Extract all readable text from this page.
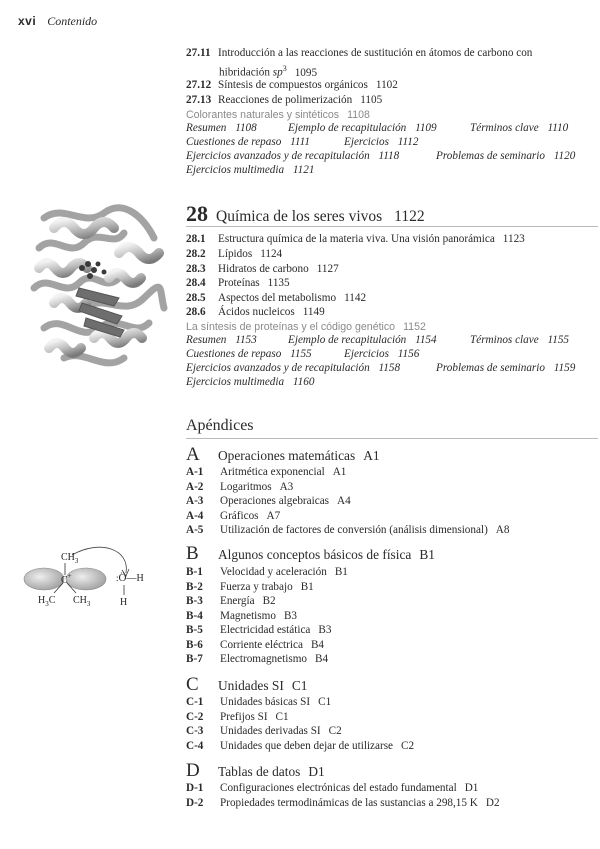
xvi Contenido
27.11 Introducción a las reacciones de sustitución en átomos de carbono con
hibridación $sp^3$ 1095
27.12 Síntesis de compuestos orgánicos 1102
27.13 Reacciones de polimerización 1105
Colorantes naturales y sintéticos 1108
Resumen 1108	Ejemplo de recapitulación 1109	Términos clave 1110
Cuestiones de repaso 1111	Ejercicios 1112
Ejercicios avanzados y de recapitulación 1118	Problemas de seminario 1120
Ejercicios multimedia 1121
28 Química de los seres vivos 1122
28.1 Estructura química de la materia viva. Una visión panorámica 1123
28.2 Lípidos 1124
28.3 Hidratos de carbono 1127
28.4 Proteínas 1135
28.5 Aspectos del metabolismo 1142
28.6 Ácidos nucleicos 1149
La síntesis de proteínas y el código genético 1152
Resumen 1153	Ejemplo de recapitulación 1154	Términos clave 1155
Cuestiones de repaso 1155	Ejercicios 1156
Ejercicios avanzados y de recapitulación 1158	Problemas de seminario 1159
Ejercicios multimedia 1160
Apéndices
A Operaciones matemáticas A1
A-1 Aritmética exponencial A1
A-2 Logaritmos A3
A-3 Operaciones algebraicas A4
A-4 Gráficos A7
A-5 Utilización de factores de conversión (análisis dimensional) A8
B Algunos conceptos básicos de física B1
B-1 Velocidad y aceleración B1
B-2 Fuerza y trabajo B1
B-3 Energía B2
B-4 Magnetismo B3
B-5 Electricidad estática B3
B-6 Corriente eléctrica B4
B-7 Electromagnetismo B4
C Unidades SI C1
C-1 Unidades básicas SI C1
C-2 Prefijos SI C1
C-3 Unidades derivadas SI C2
C-4 Unidades que deben dejar de utilizarse C2
D Tablas de datos D1
D-1 Configuraciones electrónicas del estado fundamental D1
D-2 Propiedades termodinámicas de las sustancias a 298,15 K D2
$CH_3$
C+
$H_3C$ $CH_3$
:Ö—H
H
